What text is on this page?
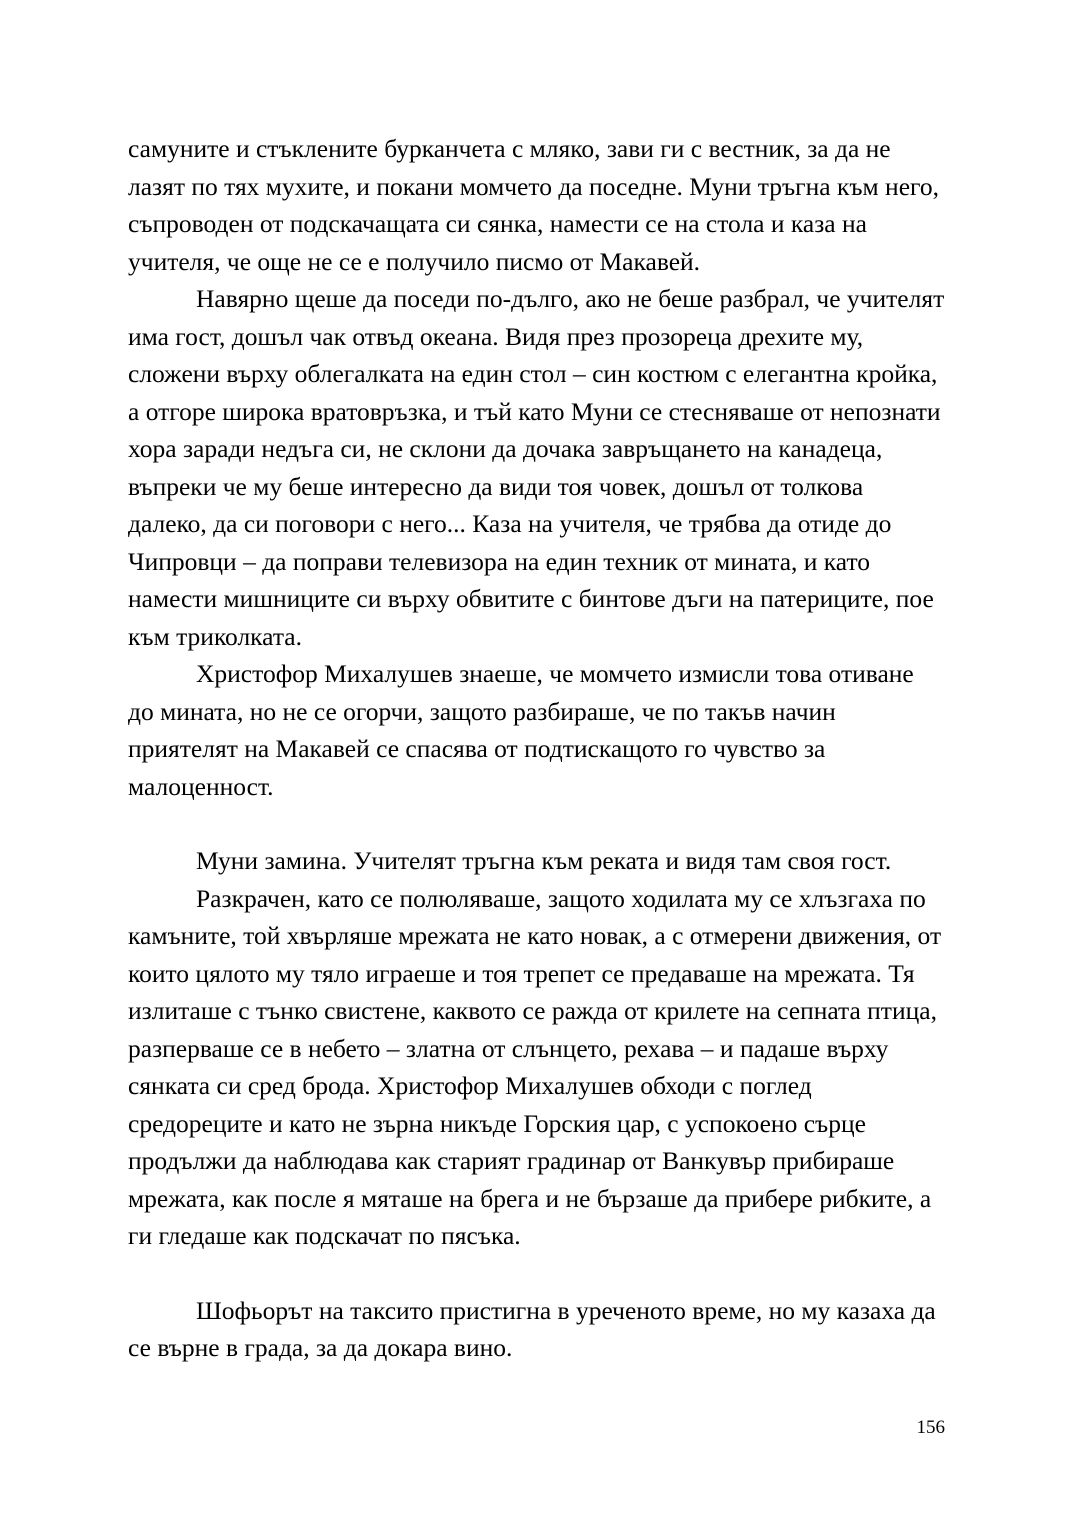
самуните и стъклените бурканчета с мляко, зави ги с вестник, за да не лазят по тях мухите, и покани момчето да поседне. Муни тръгна към него, съпроводен от подскачащата си сянка, намести се на стола и каза на учителя, че още не се е получило писмо от Макавей.

Навярно щеше да поседи по-дълго, ако не беше разбрал, че учителят има гост, дошъл чак отвъд океана. Видя през прозореца дрехите му, сложени върху облегалката на един стол – син костюм с елегантна кройка, а отгоре широка вратовръзка, и тъй като Муни се стесняваше от непознати хора заради недъга си, не склони да дочака завръщането на канадеца, въпреки че му беше интересно да види тоя човек, дошъл от толкова далеко, да си поговори с него... Каза на учителя, че трябва да отиде до Чипровци – да поправи телевизора на един техник от мината, и като намести мишниците си върху обвитите с бинтове дъги на патериците, пое към триколката.

Христофор Михалушев знаеше, че момчето измисли това отиване до мината, но не се огорчи, защото разбираше, че по такъв начин приятелят на Макавей се спасява от подтискащото го чувство за малоценност.

Муни замина. Учителят тръгна към реката и видя там своя гост.

Разкрачен, като се полюляваше, защото ходилата му се хлъзгаха по камъните, той хвърляше мрежата не като новак, а с отмерени движения, от които цялото му тяло играеше и тоя трепет се предаваше на мрежата. Тя излиташе с тънко свистене, каквото се ражда от крилете на сепната птица, разперваше се в небето – златна от слънцето, рехава – и падаше върху сянката си сред брода. Христофор Михалушев обходи с поглед средореците и като не зърна никъде Горския цар, с успокоено сърце продължи да наблюдава как старият градинар от Ванкувър прибираше мрежата, как после я мяташе на брега и не бързаше да прибере рибките, а ги гледаше как подскачат по пясъка.

Шофьорът на таксито пристигна в уреченото време, но му казаха да се върне в града, за да докара вино.

156
